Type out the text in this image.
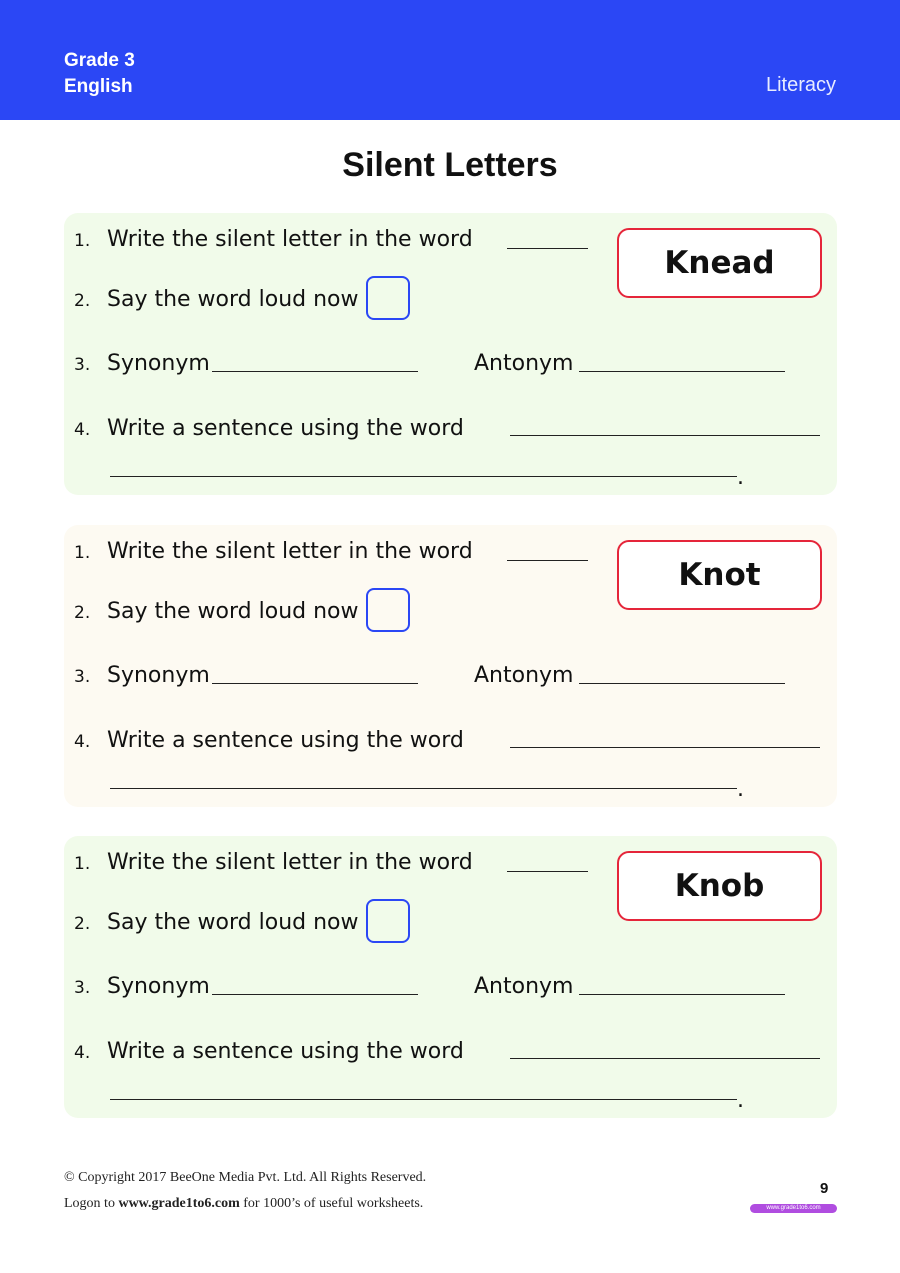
Grade 3
English	Literacy
Silent Letters
1. Write the silent letter in the word
2. Say the word loud now
3. Synonym	Antonym
4. Write a sentence using the word
.
Knead
1. Write the silent letter in the word
2. Say the word loud now
3. Synonym	Antonym
4. Write a sentence using the word
.
Knot
1. Write the silent letter in the word
2. Say the word loud now
3. Synonym	Antonym
4. Write a sentence using the word
.
Knob
© Copyright 2017 BeeOne Media Pvt. Ltd. All Rights Reserved.
Logon to www.grade1to6.com for 1000’s of useful worksheets.
9
www.grade1to6.com
